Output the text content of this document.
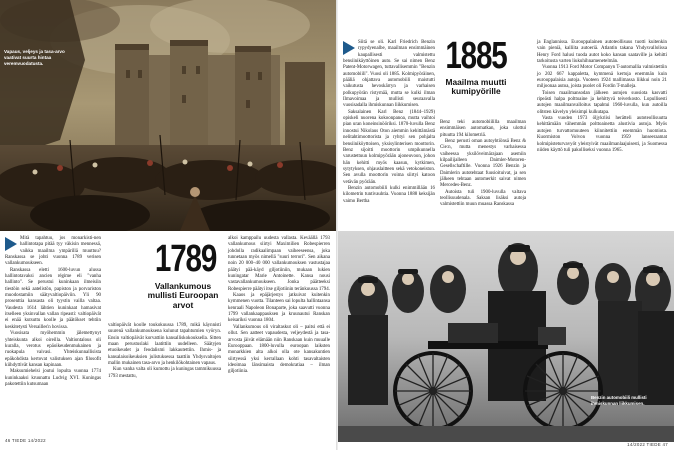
Vapaus, veljeys ja tasa-arvo vaativat suurta hintaa veremvuodatusta.

Mitä tapahtuu, jos monarkisti-nen hallintotapa pitää tyy väkisin mennessä, vaikka maailma ympärillä muuttuu? Ranskassa se johti vuonna 1789 verisen vallankumoukseen.

Ranskassa eletti 1600-luvun alussa hallintotavaksi ancien régime eli "vanha hallinto". Se perustui kuninkaan ilmeisiin tiestöin sekä aatelistön, papiston ja porvariston muodostamiin säätyvaltiopäiviin. Yli 90 prosenttia kansasta oli tyystin vailla valtaa. Vaudesta 1614 lähtien kuninkaat hamasivat itselleen yksinvallan vallan ripeasti: valtiopäivät ei enää kutsuttu koolle ja päätökset tehtiin keskitetysti Versailles'n hovissa.

Vuosisata myöhemmin jälemettynyt yhteiskunta alkoi oireilla. Valtiontalous oli kuralla, verotus epäoikeudenmukainen ja ruokapula vaivasi. Yhteiskunnallisista epäkohdista kertovat valistuksen ajan filosofit kiihdyttivät kansan kapinaan.

Maksumiehelsi joutui lopulta vuonna 1774 kuninkaaksi kruunattu Ludvig XVI. Kuningas pakotettiin kutsumaan

1789
Vallankumous mullisti Euroopan arvot

valtiopäivät koolle toukokuussa 1789, mikä käynnisti suurenä vallankumouksena kulunut tapahtumien vyöryn. Ensin valtiopäivät korvattiin kansalliskokouksella. Sitten maan perustuslaki laatittiin uudelleen. Säätyjen etuoikeudet ja feodalismi lakkautettiin. Ihmis- ja kansalaisoikeuksien julistuksessa taattiin Yhdysvaltojen mallin mukainen tasa-arvo ja henkilökohtainen vapaus.

Kun vanha valta oli kumottu ja kuningas tammikuussa 1793 mestattu,

alkoi kamppailu uudesta vallasta. Keväällä 1793 vallankumous siirtyi Maximilien Robespierren johdolla radikaalimpaan vaiheeseensa, joka tunnetaan myös nimellä "suuri terrori". Sen aikana noin 20 000–40 000 vallankumouksen vastustajaa päätyi pää-käyd giljotiiniin, mukaan lukien kuningatar Marie Antoinette. Kansa nousi vastavallankumoukseen. Jonka päätteeksi Robespierre päätyi itse giljotiinin teränkuussa 1794.

Kaaos ja epäjärjestys jatkuivat kuitenkin kymmenen vuotta. Tilanteen sai lopulta hallintaansa kenraali Napoleon Bonaparte, joka saavutti vuonna 1799 vallankaappauksen ja kruunautui Ranskan keisariksi vuonna 1804.

Vallankumous oli viraltaskut oli – paitsi että ei ollut. Sen aatteet vapaudesta, veljeydestä ja tasa-arvosta jäivät elämään niin Ranskaan kuin muualle Eurooppaan. 1800-luvulla euroopan laiksten monarkkien alta alkoi olla ote kansakuntien siirtyessä yksi kerrallaan kohti tasavaltaisten ideoimaa länsimaista demokratiaa – ilman giljotiinia.

46 TIEDE 14/2022

Siitä se oli. Karl Friedrich Benzin rypydyenalbe, maailman ensimmäinen kaupallisesti valmistettu bensiinikäyttöinen auto. Se sai nimen Benz Patent-Motorwagen, tuttavallisemmin "Benzin automobiili". Vuosi oli 1885. Kolmipyöräinen, pääliä ohjattava automobiili maistutti vaikutusta hevoskärryn ja varhaisen polkupyörän ristymää, mutta se kulki ilman Ilmavoimaa ja mullisti seuraavalla vuosisadalla ihmiskunnan liikkumisen.

Saksalainen Karl Benz (1844–1929) opiskeli nuorena kokoonpanoa, mutta vaihtoi pian uran koneinsinööriksi. 1870-luvulla Benz innostui Nikolaus Oton aiemmin kehittämästä nelitahtimoottorista ja ryhtyi sen pohjalta bensiiniköyttoisen, yksisylinterisen moottorin. Benz sijoitti moottorin umpikunnella varustettuun kolmipyörään ajoneuvoon, johon hän kehitti myös kaasun, kytkimen, sytytyksen, ohjauslaitteen sekä vetokoneiston. Sen avulla moottorin voima siirtyi katoon vetävän pyörään.

Benzin automobiili kulki enimmillään 16 kilometrin tuntivauhtia. Vuonna 1888 keksijän vaimo Bertha

1885
Maailma muutti kumipyörille

Benz teki automobiililla maailman ensimmäisen automatkan, joka ulottui pituutta 194 kilometriä.

Benz perusti oman autoyhtiönsä Benz & Cie:n, mutta menestys varhaisessa vaiheessa yksilöveimärajaan asemiin kilpailijalleen Daimler-Motoren-Gesellschaftille. Vuonna 1926 Benzin ja Daimlerin autotehtaat fuusioituivat, ja sen jälkeen tehtaan automerkit saivat nimen Mercedes-Benz.

Autoista tuli 1900-luvulla valtava teollisuudenala. Saksan lisäksi autoja valmistettiin muun muassa Ranskassa

ja Englannissa. Eurooppalainen autoteollisuus tuotti kuitenkin vain pieniä, kalliita autoeriä. Atlantin takana Yhdysvallolissa Henry Ford halusi tuoda autot koko kansan saataville ja kehitti tarkoitusta varten liukuhihnamenetelmän.

Vuonna 1913 Ford Motor Companyn T-automallia valmistettiin jo 202 667 kappaletta, kymmenä kertoja enemmän kuin eurooppalaisia autoja. Vuoteen 1924 mallimassa liikkui noin 21 miljoonaa autoa, joista puolet oli Fordin T-malleja.

Toisen maailmansodan jälkeen autojen suosiota kasvatti ripeästi halpa polttoaine ja kehittyvä teiverkosto. Lopullisesti autojen maailmanvalloitus tapahtui 1960-luvulla, kun autoilla olitsten kävelyn yleisimpi kulkutapa.

Vasta vuoden 1973 öljykriisi herätteli autoteollisuutta kehittämään vähemmän polttoainetta alustivia autoja. Myös autojen turvattomuuteen kiinnitettiin enemmän huomiota. Kuormiston Volvon vuonna 1959 lanseeraamat kolmipisteturvavyöt yleistyivät maailmanlaajuisesti, ja Suomessa niiden käyttö tuli pakolliseksi vuonna 1965.

Benzin automobiili mullisti ihmiskunnan liikkumisen.
14/2022 TIEDE 47
